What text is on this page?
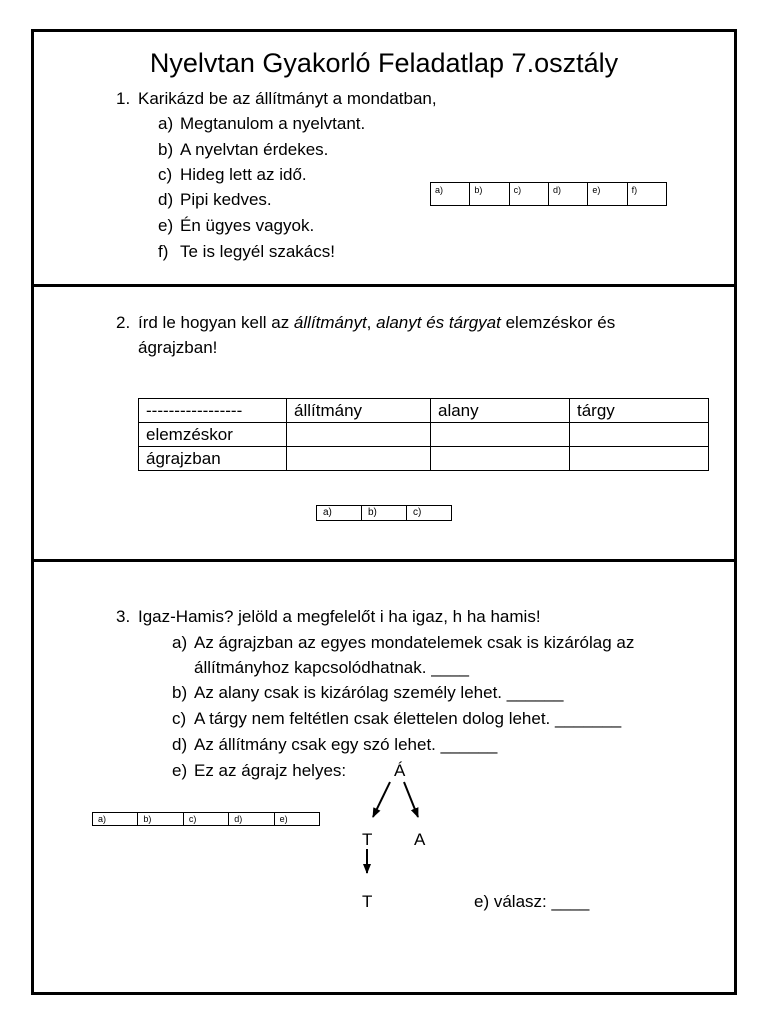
Nyelvtan Gyakorló Feladatlap 7.osztály
1. Karikázd be az állítmányt a mondatban,
a) Megtanulom a nyelvtant.
b) A nyelvtan érdekes.
c) Hideg lett az idő.
d) Pipi kedves.
e) Én ügyes vagyok.
f) Te is legyél szakács!
a)	b)	c)	d)	e)	f)
2. írd le hogyan kell az állítmányt, alanyt és tárgyat elemzéskor és
ágrajzban!
-----------------	állítmány	alany	tárgy
elemzéskor			
ágrajzban			
a)	b)	c)
3. Igaz-Hamis? jelöld a megfelelőt i ha igaz, h ha hamis!
a) Az ágrajzban az egyes mondatelemek csak is kizárólag az
állítmányhoz kapcsolódhatnak. ____
b) Az alany csak is kizárólag személy lehet. ______
c) A tárgy nem feltétlen csak élettelen dolog lehet. _______
d) Az állítmány csak egy szó lehet. ______
e) Ez az ágrajz helyes:	Á
T A
T	e) válasz: ____
a)	b)	c)	d)	e)
